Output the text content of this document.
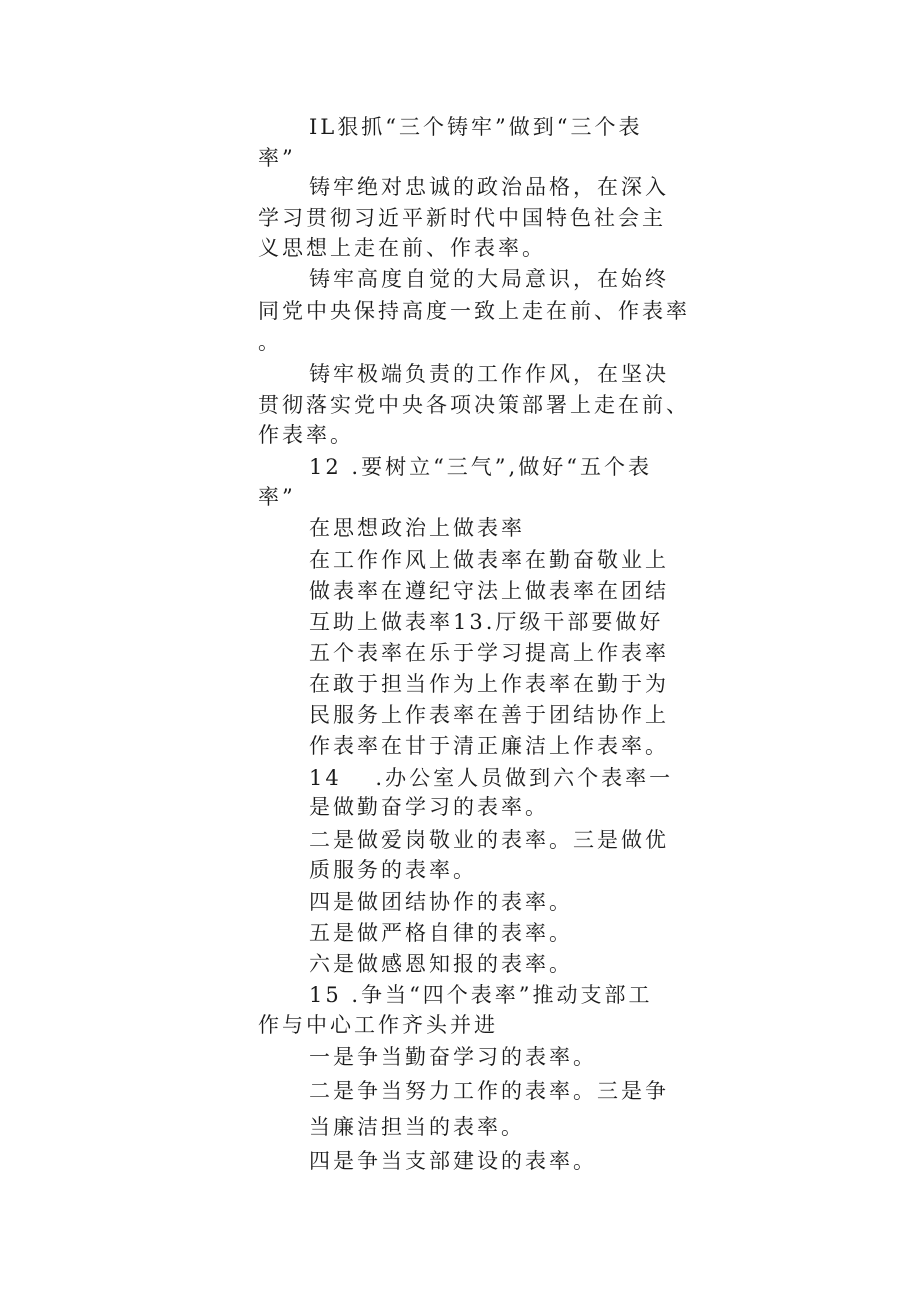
IL狠抓“三个铸牢”做到“三个表
率”
铸牢绝对忠诚的政治品格，在深入
学习贯彻习近平新时代中国特色社会主
义思想上走在前、作表率。
铸牢高度自觉的大局意识，在始终
同党中央保持高度一致上走在前、作表率
。
铸牢极端负责的工作作风，在坚决
贯彻落实党中央各项决策部署上走在前、
作表率。
12 .要树立“三气”,做好“五个表
率”
在思想政治上做表率
在工作作风上做表率在勤奋敬业上
做表率在遵纪守法上做表率在团结
互助上做表率13.厅级干部要做好
五个表率在乐于学习提高上作表率
在敢于担当作为上作表率在勤于为
民服务上作表率在善于团结协作上
作表率在甘于清正廉洁上作表率。
14　 .办公室人员做到六个表率一
是做勤奋学习的表率。
二是做爱岗敬业的表率。三是做优
质服务的表率。
四是做团结协作的表率。
五是做严格自律的表率。
六是做感恩知报的表率。
15 .争当“四个表率”推动支部工
作与中心工作齐头并进
一是争当勤奋学习的表率。
二是争当努力工作的表率。三是争
当廉洁担当的表率。
四是争当支部建设的表率。
